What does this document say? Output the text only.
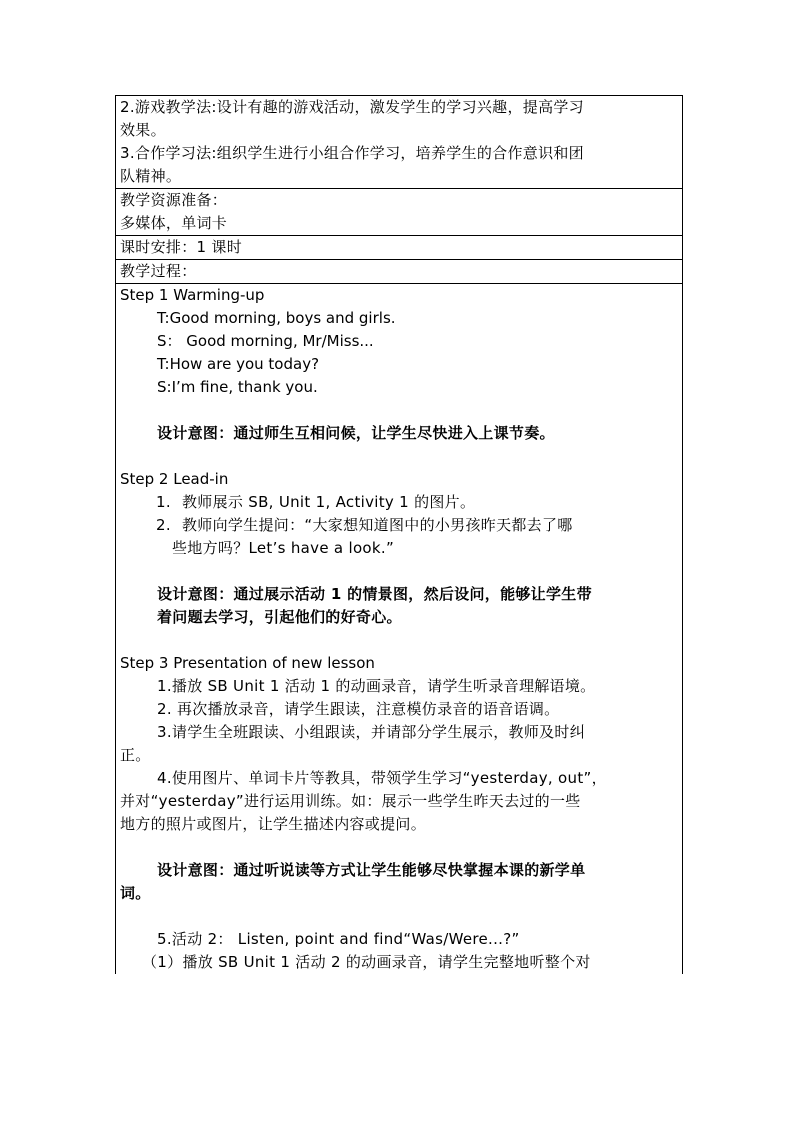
2.游戏教学法:设计有趣的游戏活动，激发学生的学习兴趣，提高学习
效果。
3.合作学习法:组织学生进行小组合作学习，培养学生的合作意识和团
队精神。
教学资源准备：
多媒体，单词卡
课时安排：1 课时
教学过程：
Step 1 Warming-up
T:Good morning, boys and girls.
S： Good morning, Mr/Miss...
T:How are you today?
S:I’m fine, thank you.
设计意图：通过师生互相问候，让学生尽快进入上课节奏。
Step 2 Lead-in
1. 教师展示 SB, Unit 1, Activity 1 的图片。
2. 教师向学生提问：“大家想知道图中的小男孩昨天都去了哪
些地方吗？Let’s have a look.”
设计意图：通过展示活动 1 的情景图，然后设问，能够让学生带
着问题去学习，引起他们的好奇心。
Step 3 Presentation of new lesson
1.播放 SB Unit 1 活动 1 的动画录音，请学生听录音理解语境。
2. 再次播放录音，请学生跟读，注意模仿录音的语音语调。
3.请学生全班跟读、小组跟读，并请部分学生展示，教师及时纠
正。
4.使用图片、单词卡片等教具，带领学生学习“yesterday, out”，
并对“yesterday”进行运用训练。如：展示一些学生昨天去过的一些
地方的照片或图片，让学生描述内容或提问。
设计意图：通过听说读等方式让学生能够尽快掌握本课的新学单
词。
5.活动 2： Listen, point and find“Was/Were...?”
（1）播放 SB Unit 1 活动 2 的动画录音，请学生完整地听整个对
